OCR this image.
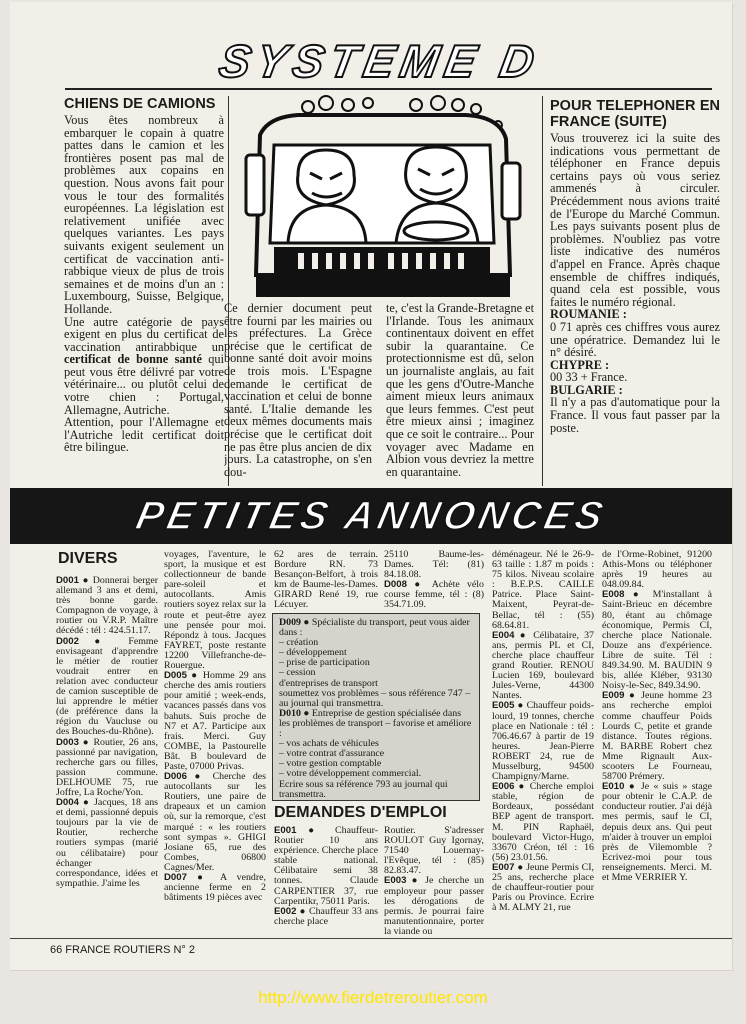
SYSTEME D
CHIENS DE CAMIONS

Vous êtes nombreux à embarquer le copain à quatre pattes dans le camion et les frontières posent pas mal de problèmes aux copains en question. Nous avons fait pour vous le tour des formalités européennes. La législation est relativement unifiée avec quelques variantes. Les pays suivants exigent seulement un certificat de vaccination anti-rabbique vieux de plus de trois semaines et de moins d'un an : Luxembourg, Suisse, Belgique, Hollande.

Une autre catégorie de pays exigent en plus du certificat de vaccination antirabbique un certificat de bonne santé qui peut vous être délivré par votre vétérinaire... ou plutôt celui de votre chien : Portugal, Allemagne, Autriche.

Attention, pour l'Allemagne et l'Autriche ledit certificat doit être bilingue.

Ce dernier document peut être fourni par les mairies ou les préfectures. La Grèce précise que le certificat de bonne santé doit avoir moins de trois mois. L'Espagne demande le certificat de vaccination et celui de bonne santé. L'Italie demande les deux mêmes documents mais précise que le certificat doit ne pas être plus ancien de dix jours. La catastrophe, on s'en dou-

te, c'est la Grande-Bretagne et l'Irlande. Tous les animaux continentaux doivent en effet subir la quarantaine. Ce protectionnisme est dû, selon un journaliste anglais, au fait que les gens d'Outre-Manche aiment mieux leurs animaux que leurs femmes. C'est peut être mieux ainsi ; imaginez que ce soit le contraire... Pour voyager avec Madame en Albion vous devriez la mettre en quarantaine.

POUR TELEPHONER EN FRANCE (SUITE)

Vous trouverez ici la suite des indications vous permettant de téléphoner en France depuis certains pays où vous seriez ammenés à circuler. Précédemment nous avions traité de l'Europe du Marché Commun. Les pays suivants posent plus de problèmes. N'oubliez pas votre liste indicative des numéros d'appel en France. Après chaque ensemble de chiffres indiqués, quand cela est possible, vous faites le numéro régional.

ROUMANIE :

0 71 après ces chiffres vous aurez une opératrice. Demandez lui le n° désiré.

CHYPRE :

00 33 + France.

BULGARIE :

Il n'y a pas d'automatique pour la France. Il vous faut passer par la poste.

PETITES ANNONCES
DIVERS

D001 ● Donnerai berger allemand 3 ans et demi, très bonne garde. Compagnon de voyage, à routier ou V.R.P. Maître décédé : tél : 424.51.17.

D002 ● Femme envisageant d'apprendre le métier de routier voudrait entrer en relation avec conducteur de camion susceptible de lui apprendre le métier (de préférence dans la région du Vaucluse ou des Bouches-du-Rhône).

D003 ● Routier, 26 ans, passionné par navigation, recherche gars ou filles, passion commune. DELHOUME 75, rue Joffre, La Roche/Yon.

D004 ● Jacques, 18 ans et demi, passionné depuis toujours par la vie de Routier, recherche routiers sympas (marié ou célibataire) pour échanger correspondance, idées et sympathie. J'aime les

voyages, l'aventure, le sport, la musique et est collectionneur de bande pare-soleil et autocollants. Amis routiers soyez relax sur la route et peut-être ayez une pensée pour moi. Répondz à tous. Jacques FAYRET, poste restante 12200 Villefranche-de-Rouergue.

D005 ● Homme 29 ans cherche des amis routiers pour amitié ; week-ends, vacances passés dans vos bahuts. Suis proche de N7 et A7. Participe aux frais. Merci. Guy COMBE, la Pastourelle Bât. B boulevard de Paste, 07000 Privas.

D006 ● Cherche des autocollants sur les Routiers, une paire de drapeaux et un camion où, sur la remorque, c'est marqué : « les routiers sont sympas ». GHIGI Josiane 65, rue des Combes, 06800 Cagnes/Mer.

D007 ● A vendre, ancienne ferme en 2 bâtiments 19 pièces avec

62 ares de terrain. Bordure RN. 73 Besançon-Belfort, à trois km de Baume-les-Dames. GIRARD René 19, rue Lécuyer.

25110 Baume-les-Dames. Tél: (81) 84.18.08.

D008 ● Achète vélo course femme, tél : (8) 354.71.09.

D009 ● Spécialiste du transport, peut vous aider dans :

– création

– développement

– prise de participation

– cession

d'entreprises de transport

soumettez vos problèmes – sous référence 747 – au journal qui transmettra.

D010 ● Entreprise de gestion spécialisée dans les problèmes de transport – favorise et améliore :

– vos achats de véhicules

– votre contrat d'assurance

– votre gestion comptable

– votre développement commercial.

Ecrire sous sa référence 793 au journal qui transmettra.

DEMANDES D'EMPLOI

E001 ● Chauffeur-Routier 10 ans expérience. Cherche place stable national. Célibataire semi 38 tonnes. Claude CARPENTIER 37, rue Carpentikr, 75011 Paris.

E002 ● Chauffeur 33 ans cherche place

Routier. S'adresser ROULOT Guy Igornay, 71540 Louernay-l'Evêque, tél : (85) 82.83.47.

E003 ● Je cherche un employeur pour passer les dérogations de permis. Je pourrai faire manutentionnaire, porter la viande ou

déménageur. Né le 26-9-63 taille : 1.87 m poids : 75 kilos. Niveau scolaire : B.E.P.S. CAILLE Patrice. Place Saint-Maixent, Peyrat-de-Bellac, tél : (55) 68.64.81.

E004 ● Célibataire, 37 ans, permis PL et CI, cherche place chauffeur grand Routier. RENOU Lucien 169, boulevard Jules-Verne, 44300 Nantes.

E005 ● Chauffeur poids-lourd, 19 tonnes, cherche place en Nationale : tél : 706.46.67 à partir de 19 heures. Jean-Pierre ROBERT 24, rue de Musselburg, 94500 Champigny/Marne.

E006 ● Cherche emploi stable, région de Bordeaux, possédant BEP agent de transport. M. PIN Raphaël, boulevard Victor-Hugo, 33670 Créon, tél : 16 (56) 23.01.56.

E007 ● Jeune Permis CI, 25 ans, recherche place de chauffeur-routier pour Paris ou Province. Ecrire à M. ALMY 21, rue

de l'Orme-Robinet, 91200 Athis-Mons ou téléphoner après 19 heures au 048.09.84.

E008 ● M'installant à Saint-Brieuc en décembre 80, étant au chômage économique, Permis CI, cherche place Nationale. Douze ans d'expérience. Libre de suite. Tél : 849.34.90. M. BAUDIN 9 bis, allée Kléber, 93130 Noisy-le-Sec, 849.34.90.

E009 ● Jeune homme 23 ans recherche emploi comme chauffeur Poids Lourds C, petite et grande distance. Toutes régions. M. BARBE Robert chez Mme Rignault Aux-scooters Le Fourneau, 58700 Prémery.

E010 ● Je « suis » stage pour obtenir le C.A.P. de conducteur routier. J'ai déjà mes permis, sauf le CI, depuis deux ans. Qui peut m'aider à trouver un emploi près de Vilemomble ? Ecrivez-moi pour tous renseignements. Merci. M. et Mme VERRIER Y.

66 FRANCE ROUTIERS N° 2
http://www.fierdetreroutier.com
